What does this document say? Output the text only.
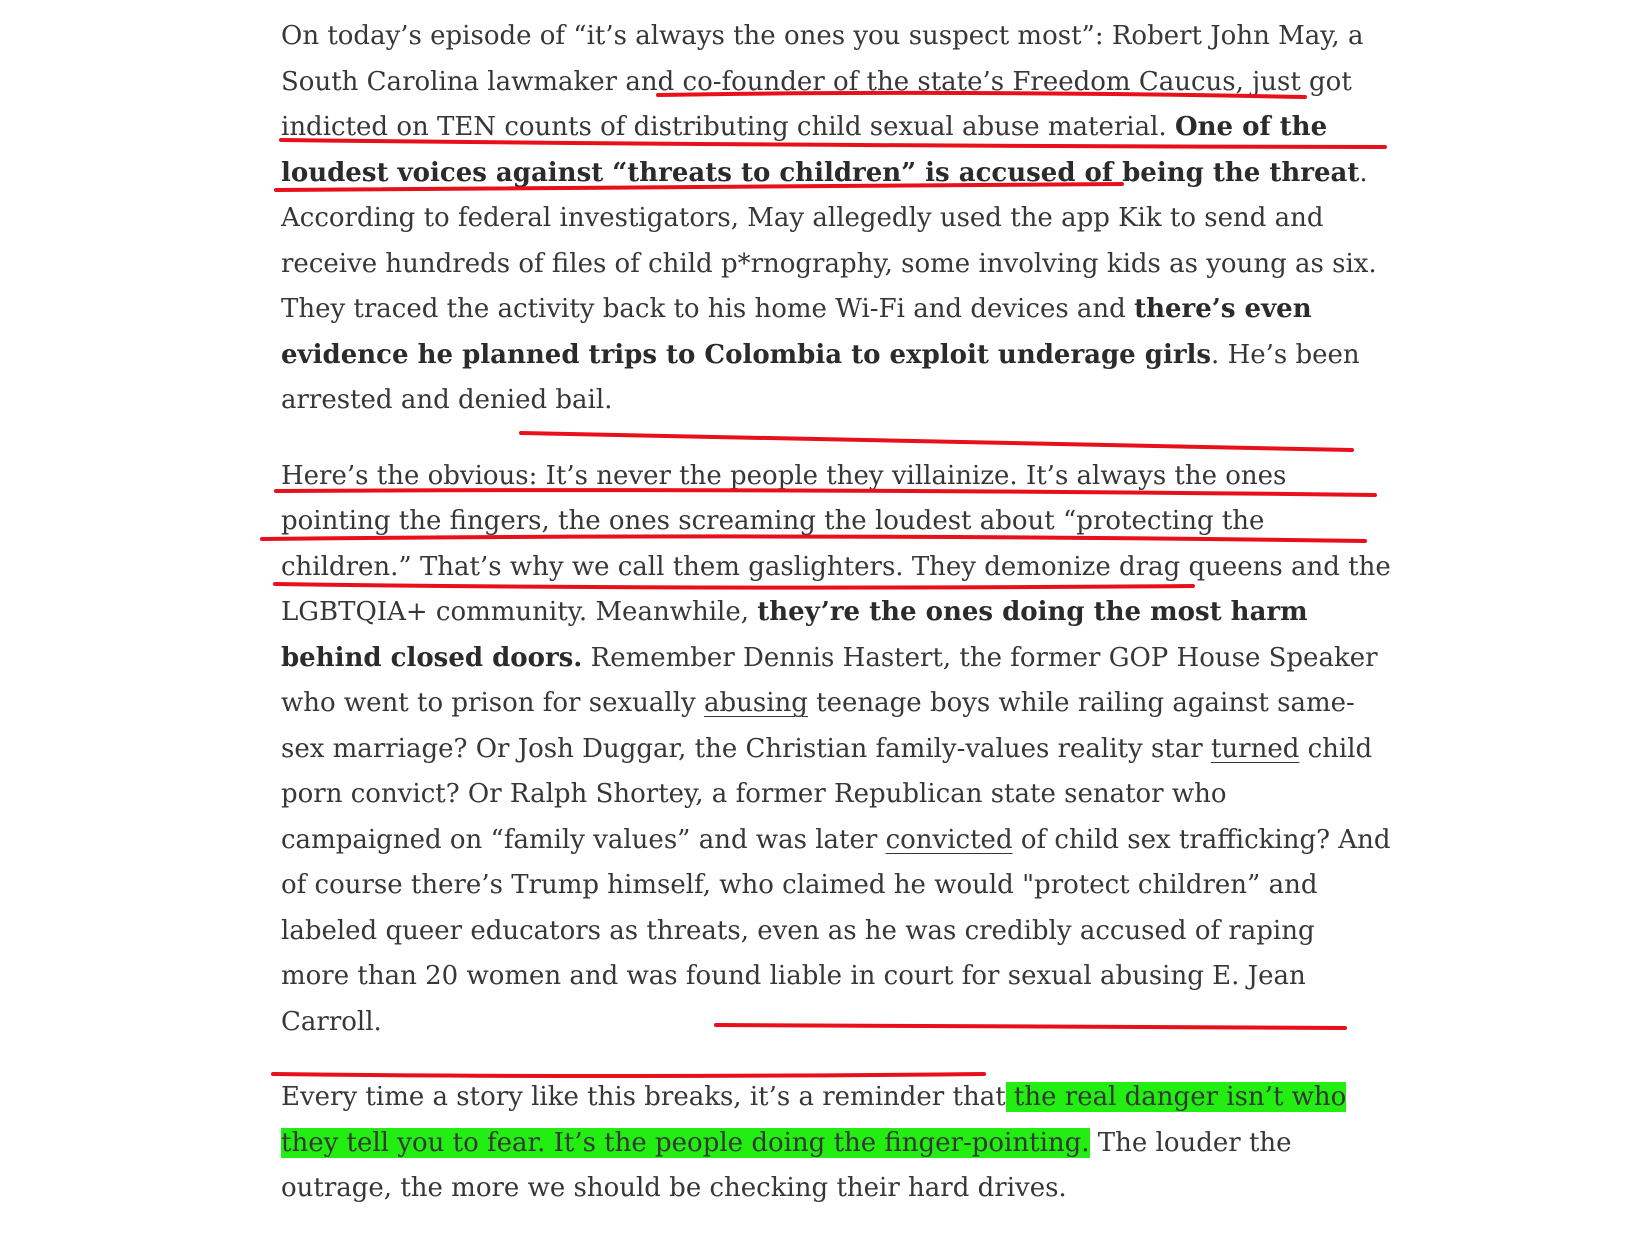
On today’s episode of “it’s always the ones you suspect most”: Robert John May, a South Carolina lawmaker and co-founder of the state’s Freedom Caucus, just got indicted on TEN counts of distributing child sexual abuse material. One of the loudest voices against “threats to children” is accused of being the threat. According to federal investigators, May allegedly used the app Kik to send and receive hundreds of files of child p*rnography, some involving kids as young as six. They traced the activity back to his home Wi-Fi and devices and there’s even evidence he planned trips to Colombia to exploit underage girls. He’s been arrested and denied bail.

Here’s the obvious: It’s never the people they villainize. It’s always the ones pointing the fingers, the ones screaming the loudest about “protecting the children.” That’s why we call them gaslighters. They demonize drag queens and the LGBTQIA+ community. Meanwhile, they’re the ones doing the most harm behind closed doors. Remember Dennis Hastert, the former GOP House Speaker who went to prison for sexually abusing teenage boys while railing against same-sex marriage? Or Josh Duggar, the Christian family-values reality star turned child porn convict? Or Ralph Shortey, a former Republican state senator who campaigned on “family values” and was later convicted of child sex trafficking? And of course there’s Trump himself, who claimed he would "protect children” and labeled queer educators as threats, even as he was credibly accused of raping more than 20 women and was found liable in court for sexual abusing E. Jean Carroll.

Every time a story like this breaks, it’s a reminder that the real danger isn’t who they tell you to fear. It’s the people doing the finger-pointing. The louder the outrage, the more we should be checking their hard drives.
